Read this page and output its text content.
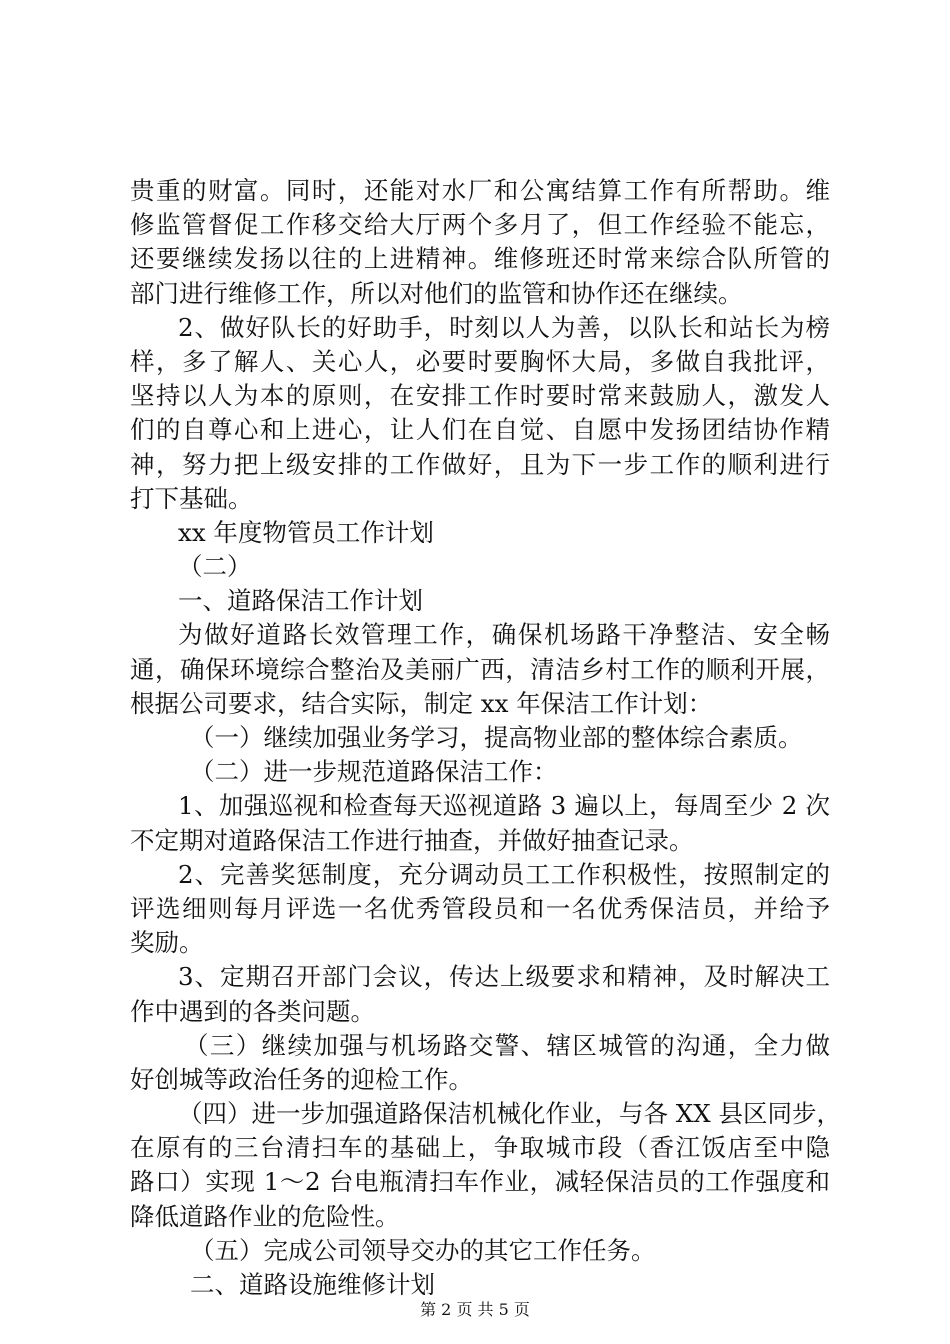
贵重的财富。同时，还能对水厂和公寓结算工作有所帮助。维
修监管督促工作移交给大厅两个多月了，但工作经验不能忘，
还要继续发扬以往的上进精神。维修班还时常来综合队所管的
部门进行维修工作，所以对他们的监管和协作还在继续。
2、做好队长的好助手，时刻以人为善，以队长和站长为榜
样，多了解人、关心人，必要时要胸怀大局，多做自我批评，
坚持以人为本的原则，在安排工作时要时常来鼓励人，激发人
们的自尊心和上进心，让人们在自觉、自愿中发扬团结协作精
神，努力把上级安排的工作做好，且为下一步工作的顺利进行
打下基础。
xx 年度物管员工作计划
（二）
一、道路保洁工作计划
为做好道路长效管理工作，确保机场路干净整洁、安全畅
通，确保环境综合整治及美丽广西，清洁乡村工作的顺利开展，
根据公司要求，结合实际，制定 xx 年保洁工作计划：
（一）继续加强业务学习，提高物业部的整体综合素质。
（二）进一步规范道路保洁工作：
1、加强巡视和检查每天巡视道路 3 遍以上，每周至少 2 次
不定期对道路保洁工作进行抽查，并做好抽查记录。
2、完善奖惩制度，充分调动员工工作积极性，按照制定的
评选细则每月评选一名优秀管段员和一名优秀保洁员，并给予
奖励。
3、定期召开部门会议，传达上级要求和精神，及时解决工
作中遇到的各类问题。
（三）继续加强与机场路交警、辖区城管的沟通，全力做
好创城等政治任务的迎检工作。
（四）进一步加强道路保洁机械化作业，与各 XX 县区同步，
在原有的三台清扫车的基础上，争取城市段（香江饭店至中隐
路口）实现 1～2 台电瓶清扫车作业，减轻保洁员的工作强度和
降低道路作业的危险性。
（五）完成公司领导交办的其它工作任务。
二、道路设施维修计划
第 2 页 共 5 页
